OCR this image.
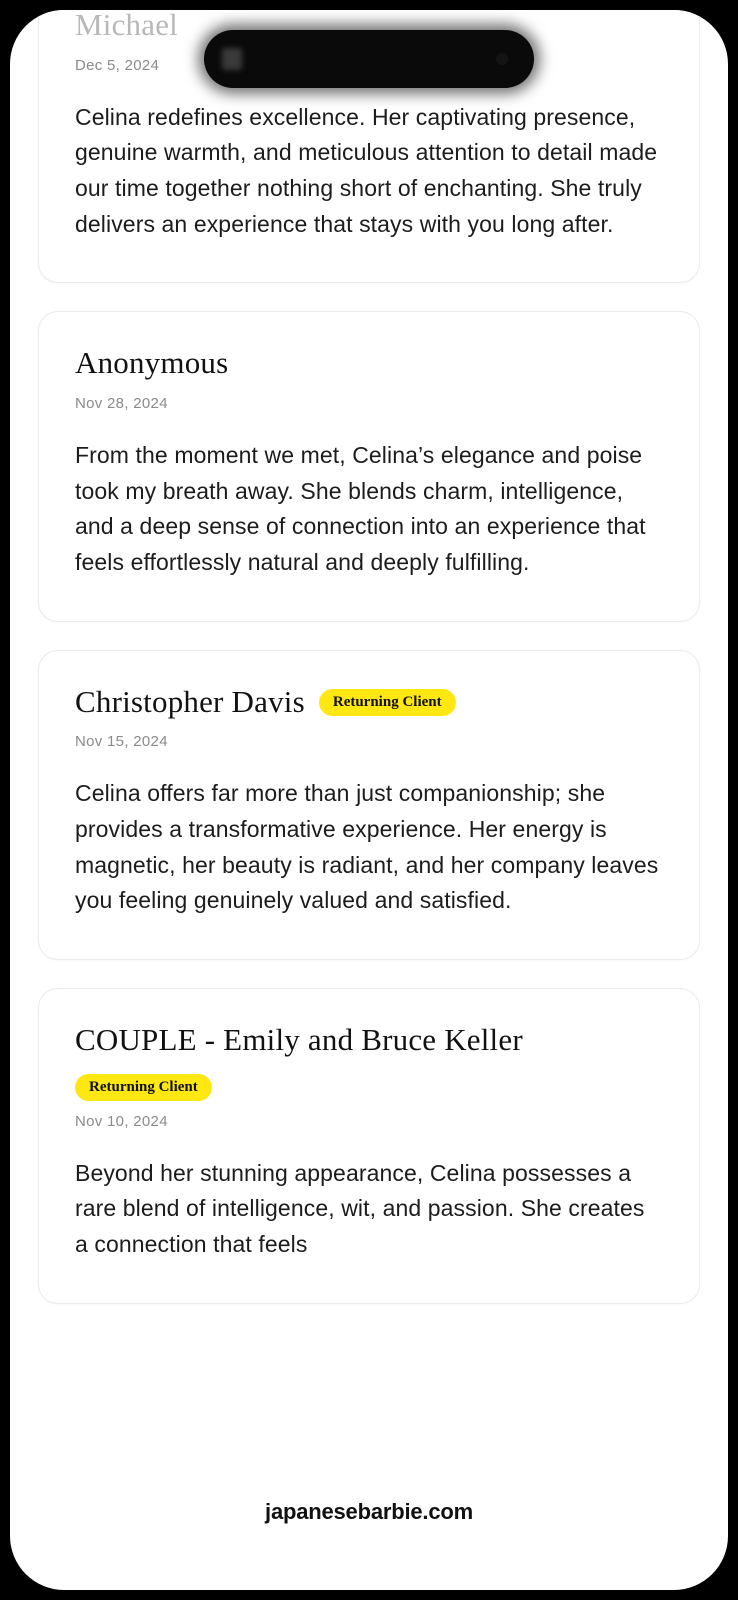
Michael
Dec 5, 2024
Celina redefines excellence. Her captivating presence, genuine warmth, and meticulous attention to detail made our time together nothing short of enchanting. She truly delivers an experience that stays with you long after.
Anonymous
Nov 28, 2024
From the moment we met, Celina’s elegance and poise took my breath away. She blends charm, intelligence, and a deep sense of connection into an experience that feels effortlessly natural and deeply fulfilling.
Christopher Davis	Returning Client
Nov 15, 2024
Celina offers far more than just companionship; she provides a transformative experience. Her energy is magnetic, her beauty is radiant, and her company leaves you feeling genuinely valued and satisfied.
COUPLE - Emily and Bruce Keller
Returning Client
Nov 10, 2024
Beyond her stunning appearance, Celina possesses a rare blend of intelligence, wit, and passion. She creates a connection that feels
japanesebarbie.com
